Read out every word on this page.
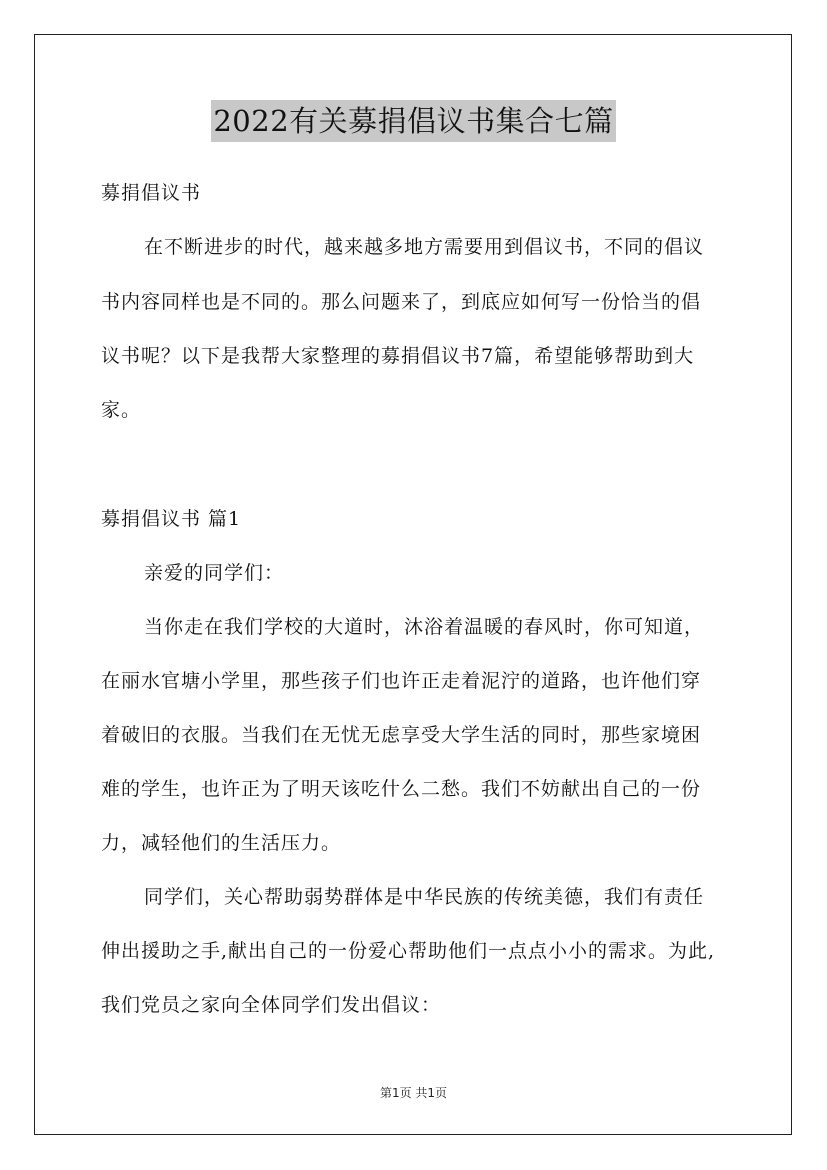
2022有关募捐倡议书集合七篇

募捐倡议书

在不断进步的时代，越来越多地方需要用到倡议书，不同的倡议

书内容同样也是不同的。那么问题来了，到底应如何写一份恰当的倡

议书呢？以下是我帮大家整理的募捐倡议书7篇，希望能够帮助到大

家。

募捐倡议书 篇1

亲爱的同学们：

当你走在我们学校的大道时，沐浴着温暖的春风时，你可知道，

在丽水官塘小学里，那些孩子们也许正走着泥泞的道路，也许他们穿

着破旧的衣服。当我们在无忧无虑享受大学生活的同时，那些家境困

难的学生，也许正为了明天该吃什么二愁。我们不妨献出自己的一份

力，减轻他们的生活压力。

同学们，关心帮助弱势群体是中华民族的传统美德，我们有责任

伸出援助之手,献出自己的一份爱心帮助他们一点点小小的需求。为此,

我们党员之家向全体同学们发出倡议：

第1页 共1页
